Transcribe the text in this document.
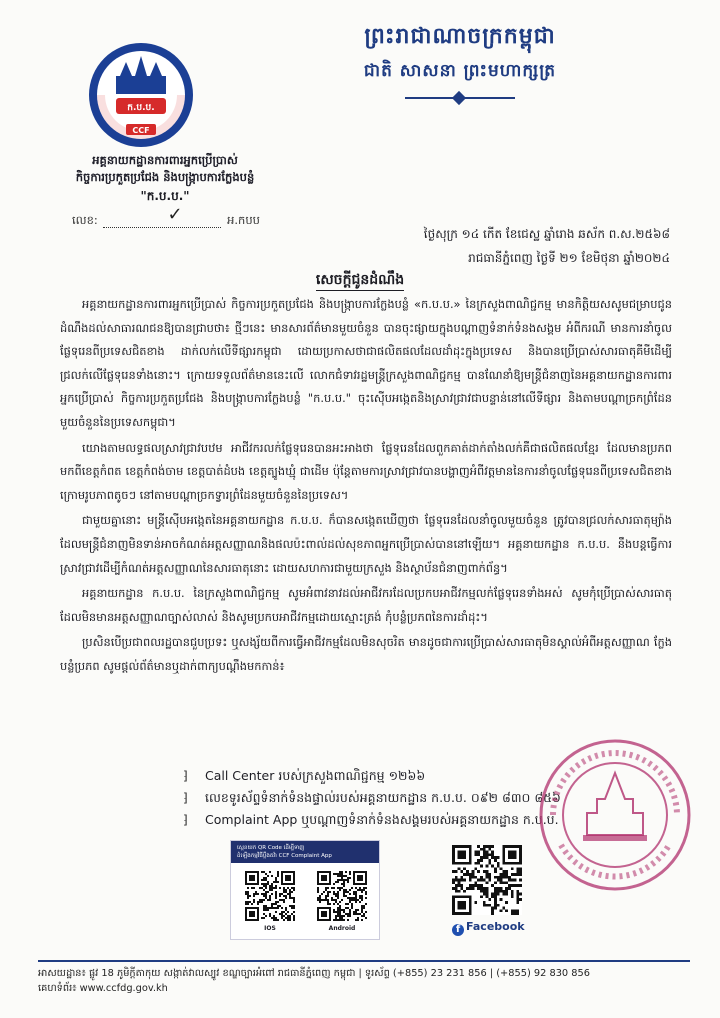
ព្រះរាជាណាចក្រកម្ពុជា
ជាតិ សាសនា ព្រះមហាក្សត្រ
ក.ប.ប.
CCF
អគ្គនាយកដ្ឋានការពារអ្នកប្រើប្រាស់
កិច្ចការប្រកួតប្រជែង និងបង្ក្រាបការក្លែងបន្លំ
"ក.ប.ប."
លេខ:	✓	អ.កបប
ថ្ងៃសុក្រ ១៤ កើត ខែជេស្ឋ ឆ្នាំរោង ឆស័ក ព.ស.២៥៦៨
រាជធានីភ្នំពេញ ថ្ងៃទី ២១ ខែមិថុនា ឆ្នាំ២០២៤
សេចក្តីជូនដំណឹង

អគ្គនាយកដ្ឋានការពារអ្នកប្រើប្រាស់ កិច្ចការប្រកួតប្រជែង និងបង្ក្រាបការក្លែងបន្លំ «ក.ប.ប.» នៃក្រសួងពាណិជ្ជកម្ម មានកិត្តិយសសូមជម្រាបជូនដំណឹងដល់សាធារណជនឱ្យបានជ្រាបថា៖ ថ្មីៗនេះ មានសារព័ត៌មានមួយចំនួន បានចុះផ្សាយក្នុងបណ្តាញទំនាក់ទំនងសង្គម អំពីករណី មានការនាំចូលផ្លែទុរេនពីប្រទេសជិតខាង ដាក់លក់លើទីផ្សារកម្ពុជា ដោយប្រកាសថាជាផលិតផលដែលដាំដុះក្នុងប្រទេស និងបានប្រើប្រាស់សារធាតុគីមីដើម្បីជ្រលក់លើផ្លែទុរេនទាំងនោះ។ ក្រោយទទួលព័ត៌មាននេះលើ លោកជំទាវរដ្ឋមន្ត្រីក្រសួងពាណិជ្ជកម្ម បានណែនាំឱ្យមន្ត្រីជំនាញនៃអគ្គនាយកដ្ឋានការពារអ្នកប្រើប្រាស់ កិច្ចការប្រកួតប្រជែង និងបង្ក្រាបការក្លែងបន្លំ "ក.ប.ប." ចុះស៊ើបអង្កេតនិងស្រាវជ្រាវជាបន្ទាន់នៅលើទីផ្សារ និងតាមបណ្តាច្រកព្រំដែនមួយចំនួននៃប្រទេសកម្ពុជា។

យោងតាមលទ្ធផលស្រាវជ្រាវបឋម អាជីវករលក់ផ្លែទុរេនបានអះអាងថា ផ្លែទុរេនដែលពួកគាត់ដាក់តាំងលក់គឺជាផលិតផលខ្មែរ ដែលមានប្រភពមកពីខេត្តកំពត ខេត្តកំពង់ចាម ខេត្តបាត់ដំបង ខេត្តត្បូងឃ្មុំ ជាដើម ប៉ុន្តែតាមការស្រាវជ្រាវបានបង្ហាញអំពីវត្តមាននៃការនាំចូលផ្លែទុរេនពីប្រទេសជិតខាងក្រោមរូបភាពតូចៗ នៅតាមបណ្តាច្រកទ្វារព្រំដែនមួយចំនួននៃប្រទេស។

ជាមួយគ្នានោះ មន្ត្រីស៊ើបអង្កេតនៃអគ្គនាយកដ្ឋាន ក.ប.ប. ក៏បានសង្កេតឃើញថា ផ្លែទុរេនដែលនាំចូលមួយចំនួន ត្រូវបានជ្រលក់សារធាតុម្យ៉ាង ដែលមន្ត្រីជំនាញមិនទាន់អាចកំណត់អត្តសញ្ញាណនិងផលប៉ះពាល់ដល់សុខភាពអ្នកប្រើប្រាស់បាននៅឡើយ។ អគ្គនាយកដ្ឋាន ក.ប.ប. នឹងបន្តធ្វើការស្រាវជ្រាវដើម្បីកំណត់អត្តសញ្ញាណនៃសារធាតុនោះ ដោយសហការជាមួយក្រសួង និងស្ថាប័នជំនាញពាក់ព័ន្ធ។

អគ្គនាយកដ្ឋាន ក.ប.ប. នៃក្រសួងពាណិជ្ជកម្ម សូមអំពាវនាវដល់អាជីវករដែលប្រកបអាជីវកម្មលក់ផ្លែទុរេនទាំងអស់ សូមកុំប្រើប្រាស់សារធាតុដែលមិនមានអត្តសញ្ញាណច្បាស់លាស់ និងសូមប្រកបអាជីវកម្មដោយស្មោះត្រង់ កុំបន្លំប្រភពនៃការដាំដុះ។

ប្រសិនបើប្រជាពលរដ្ឋបានជួបប្រទះ ឬសង្ស័យពីការធ្វើអាជីវកម្មដែលមិនសុចរិត មានដូចជាការប្រើប្រាស់សារធាតុមិនស្គាល់អំពីអត្តសញ្ញាណ ក្លែងបន្លំប្រភព សូមផ្តល់ព័ត៌មានឬដាក់ពាក្យបណ្តឹងមកកាន់៖

⁆ Call Center របស់ក្រសួងពាណិជ្ជកម្ម ១២៦៦
⁆ លេខទូរស័ព្ទទំនាក់ទំនងផ្ទាល់របស់អគ្គនាយកដ្ឋាន ក.ប.ប. ០៩២ ៨៣០ ៨៥៦
⁆ Complaint App ឬបណ្តាញទំនាក់ទំនងសង្គមរបស់អគ្គនាយកដ្ឋាន ក.ប.ប.
ស្កេនយក QR Code ដើម្បីទាញ
ដំឡើងកម្មវិធីប្តឹងតវ៉ា CCF Complaint App
IOS	Android	f Facebook
អាសយដ្ឋាន៖ ផ្លូវ 18 ភូមិក្តីតាកុយ សង្កាត់វាលស្បូវ ខណ្ឌច្បារអំពៅ រាជធានីភ្នំពេញ កម្ពុជា | ទូរស័ព្ទ (+855) 23 231 856 | (+855) 92 830 856
គេហទំព័រ៖ www.ccfdg.gov.kh
